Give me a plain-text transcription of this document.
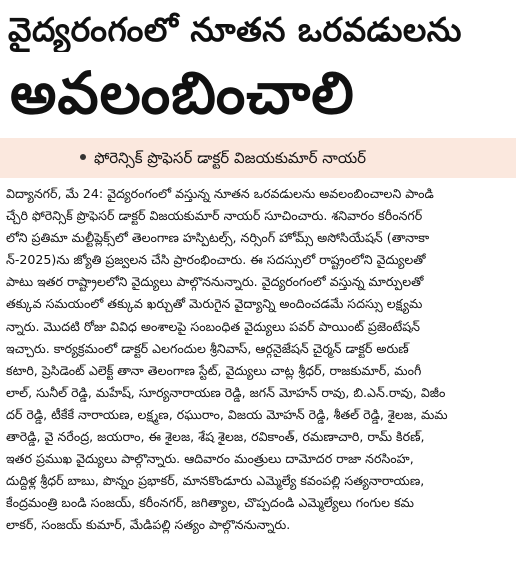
వైద్యరంగంలో నూతన ఒరవడులను
అవలంబించాలి
ఫోరెన్సిక్ ప్రొఫెసర్ డాక్టర్ విజయకుమార్ నాయర్
విద్యానగర్, మే 24: వైద్యరంగంలో వస్తున్న నూతన ఒరవడులను అవలంబించాలని పాండి
చ్చేరి ఫోరెన్సిక్ ప్రొఫెసర్ డాక్టర్ విజయకుమార్ నాయర్ సూచించారు. శనివారం కరీంనగర్
లోని ప్రతిమా మల్టీప్లెక్స్‌లో తెలంగాణ హస్పిటల్స్, నర్సింగ్ హోమ్స్ అసోసియేషన్ (తానాకా
న్-2025)ను జ్యోతి ప్రజ్వలన చేసి ప్రారంభించారు. ఈ సదస్సులో రాష్ట్రంలోని వైద్యులతో
పాటు ఇతర రాష్ట్రాలలోని వైద్యులు పాల్గొననున్నారు. వైద్యరంగంలో వస్తున్న మార్పులతో
తక్కువ సమయంలో తక్కువ ఖర్చుతో మెరుగైన వైద్యాన్ని అందించడమే సదస్సు లక్ష్యమ
న్నారు. మొదటి రోజు వివిధ అంశాలపై సంబంధిత వైద్యులు పవర్ పాయింట్ ప్రజెంటేషన్
ఇచ్చారు. కార్యక్రమంలో డాక్టర్ ఎలగందుల శ్రీనివాస్, ఆర్గనైజేషన్ చైర్మన్ డాక్టర్ అరుణ్
కటారి, ప్రెసిడెంట్ ఎలెక్ట్ తానా తెలంగాణ స్టేట్, వైద్యులు చాట్ల శ్రీధర్, రాజకుమార్, మంగీ
లాల్, సునీల్ రెడ్డి, మహేష్, సూర్యనారాయణ రెడ్డి, జగన్ మోహన్ రావు, బి.ఎన్.రావు, విజీం
దర్ రెడ్డి, టీకేకే నారాయణ, లక్ష్మణ, రఘురాం, విజయ మోహన్ రెడ్డి, శీతల్ రెడ్డి, శైలజ, మమ
తారెడ్డి, వై నరేంద్ర, జయరాం, ఈ శైలజ, శేష శైలజ, రవికాంత్, రమణాచారి, రామ్ కిరణ్,
ఇతర ప్రముఖ వైద్యులు పాల్గొన్నారు. ఆదివారం మంత్రులు దామోదర రాజా నరసింహ,
దుద్దిళ్ల శ్రీధర్ బాబు, పొన్నం ప్రభాకర్, మానకొండూరు ఎమ్మెల్యే కవంపల్లి సత్యనారాయణ,
కేంద్రమంత్రి బండి సంజయ్, కరీంనగర్, జగిత్యాల, చొప్పదండి ఎమ్మెల్యేలు గంగుల కమ
లాకర్, సంజయ్ కుమార్, మేడిపల్లి సత్యం పాల్గొననున్నారు.
